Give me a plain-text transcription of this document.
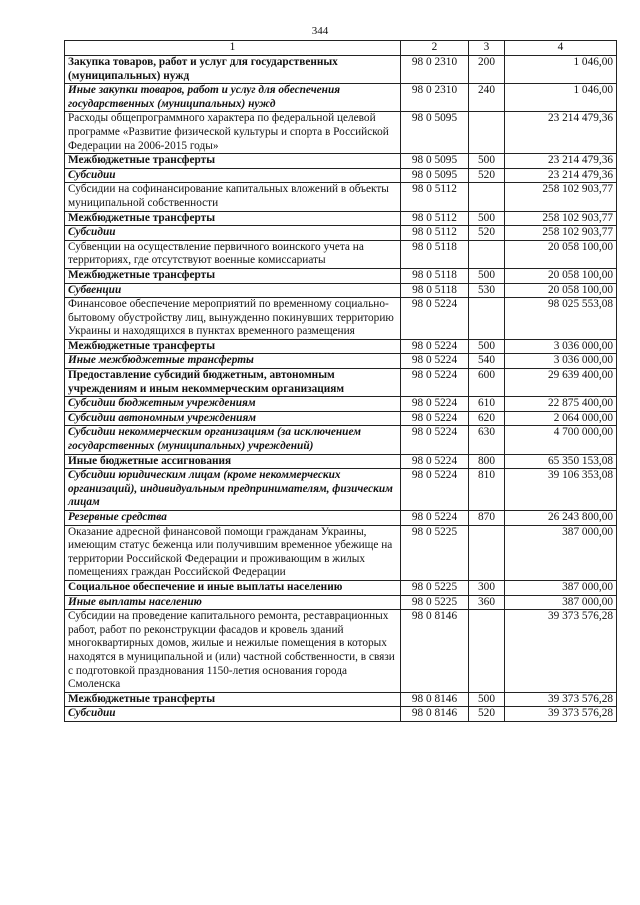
344
1	2	3	4
Закупка товаров, работ и услуг для государственных (муниципальных) нужд	98 0 2310	200	1 046,00
Иные закупки товаров, работ и услуг для обеспечения государственных (муниципальных) нужд	98 0 2310	240	1 046,00
Расходы общепрограммного характера по федеральной целевой программе «Развитие физической культуры и спорта в Российской Федерации на 2006-2015 годы»	98 0 5095		23 214 479,36
Межбюджетные трансферты	98 0 5095	500	23 214 479,36
Субсидии	98 0 5095	520	23 214 479,36
Субсидии на софинансирование капитальных вложений в объекты муниципальной собственности	98 0 5112		258 102 903,77
Межбюджетные трансферты	98 0 5112	500	258 102 903,77
Субсидии	98 0 5112	520	258 102 903,77
Субвенции на осуществление первичного воинского учета на территориях, где отсутствуют военные комиссариаты	98 0 5118		20 058 100,00
Межбюджетные трансферты	98 0 5118	500	20 058 100,00
Субвенции	98 0 5118	530	20 058 100,00
Финансовое обеспечение мероприятий по временному социально-бытовому обустройству лиц, вынужденно покинувших территорию Украины и находящихся в пунктах временного размещения	98 0 5224		98 025 553,08
Межбюджетные трансферты	98 0 5224	500	3 036 000,00
Иные межбюджетные трансферты	98 0 5224	540	3 036 000,00
Предоставление субсидий бюджетным, автономным учреждениям и иным некоммерческим организациям	98 0 5224	600	29 639 400,00
Субсидии бюджетным учреждениям	98 0 5224	610	22 875 400,00
Субсидии автономным учреждениям	98 0 5224	620	2 064 000,00
Субсидии некоммерческим организациям (за исключением государственных (муниципальных) учреждений)	98 0 5224	630	4 700 000,00
Иные бюджетные ассигнования	98 0 5224	800	65 350 153,08
Субсидии юридическим лицам (кроме некоммерческих организаций), индивидуальным предпринимателям, физическим лицам	98 0 5224	810	39 106 353,08
Резервные средства	98 0 5224	870	26 243 800,00
Оказание адресной финансовой помощи гражданам Украины, имеющим статус беженца или получившим временное убежище на территории Российской Федерации и проживающим в жилых помещениях граждан Российской Федерации	98 0 5225		387 000,00
Социальное обеспечение и иные выплаты населению	98 0 5225	300	387 000,00
Иные выплаты населению	98 0 5225	360	387 000,00
Субсидии на проведение капитального ремонта, реставрационных работ, работ по реконструкции фасадов и кровель зданий многоквартирных домов, жилые и нежилые помещения в которых находятся в муниципальной и (или) частной собственности, в связи с подготовкой празднования 1150-летия основания города Смоленска	98 0 8146		39 373 576,28
Межбюджетные трансферты	98 0 8146	500	39 373 576,28
Субсидии	98 0 8146	520	39 373 576,28
